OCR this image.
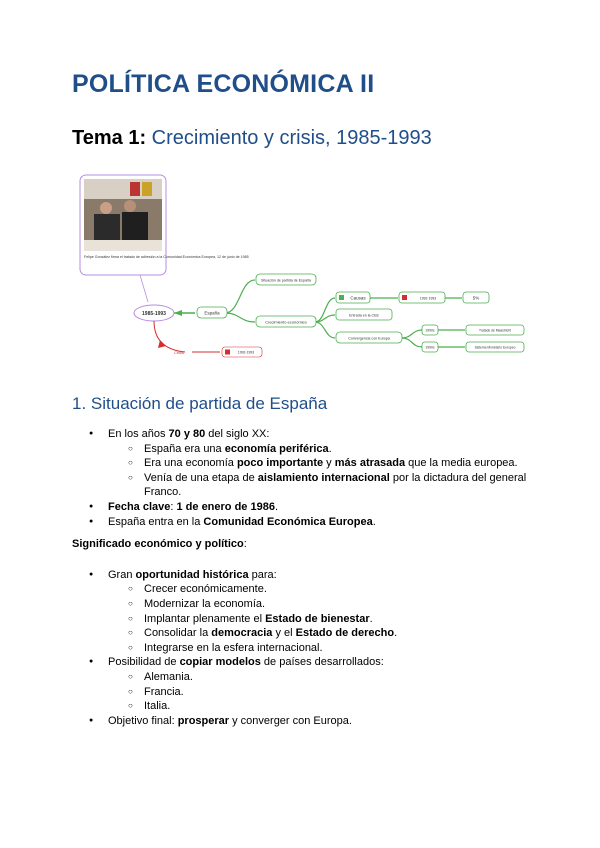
POLÍTICA ECONÓMICA II
Tema 1: Crecimiento y crisis, 1985-1993
Felipe González firma el tratado de adhesión a la Comunidad Económica Europea, 12 de junio de 1985
1985-1993	España
Situación de partida de España
Crecimiento económico
Causas	1992-1993	5%
Entrada en la CEE
Convergencia con Europa
1990s
1990s
Tratado de Maastricht
Sistema Monetario Europeo
Crisis	1992-1993
1. Situación de partida de España
● En los años 70 y 80 del siglo XX:
○ España era una economía periférica.
○ Era una economía poco importante y más atrasada que la media europea.
○ Venía de una etapa de aislamiento internacional por la dictadura del general Franco.
● Fecha clave: 1 de enero de 1986.
● España entra en la Comunidad Económica Europea.

Significado económico y político:

● Gran oportunidad histórica para:
○ Crecer económicamente.
○ Modernizar la economía.
○ Implantar plenamente el Estado de bienestar.
○ Consolidar la democracia y el Estado de derecho.
○ Integrarse en la esfera internacional.
● Posibilidad de copiar modelos de países desarrollados:
○ Alemania.
○ Francia.
○ Italia.
● Objetivo final: prosperar y converger con Europa.
